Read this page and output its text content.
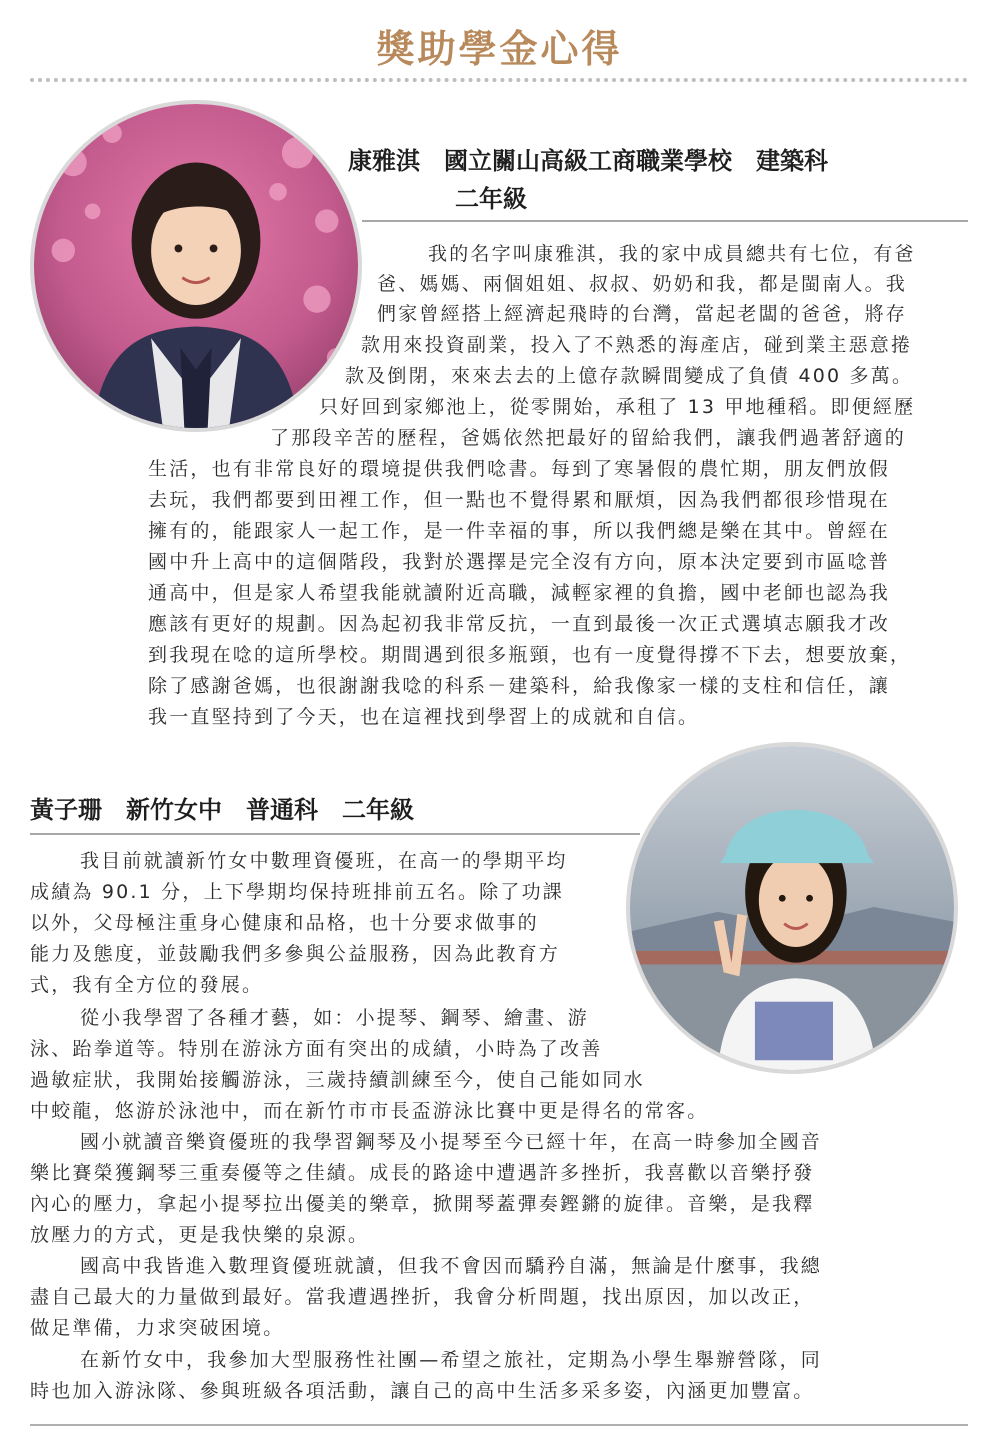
獎助學金心得
康雅淇　國立關山高級工商職業學校　建築科
二年級
我的名字叫康雅淇，我的家中成員總共有七位，有爸
爸、媽媽、兩個姐姐、叔叔、奶奶和我，都是閩南人。我
們家曾經搭上經濟起飛時的台灣，當起老闆的爸爸，將存
款用來投資副業，投入了不熟悉的海產店，碰到業主惡意捲
款及倒閉，來來去去的上億存款瞬間變成了負債 400 多萬。
只好回到家鄉池上，從零開始，承租了 13 甲地種稻。即便經歷
了那段辛苦的歷程，爸媽依然把最好的留給我們，讓我們過著舒適的
生活，也有非常良好的環境提供我們唸書。每到了寒暑假的農忙期，朋友們放假
去玩，我們都要到田裡工作，但一點也不覺得累和厭煩，因為我們都很珍惜現在
擁有的，能跟家人一起工作，是一件幸福的事，所以我們總是樂在其中。曾經在
國中升上高中的這個階段，我對於選擇是完全沒有方向，原本決定要到市區唸普
通高中，但是家人希望我能就讀附近高職，減輕家裡的負擔，國中老師也認為我
應該有更好的規劃。因為起初我非常反抗，一直到最後一次正式選填志願我才改
到我現在唸的這所學校。期間遇到很多瓶頸，也有一度覺得撐不下去，想要放棄，
除了感謝爸媽，也很謝謝我唸的科系－建築科，給我像家一樣的支柱和信任，讓
我一直堅持到了今天，也在這裡找到學習上的成就和自信。
黃子珊　新竹女中　普通科　二年級
我目前就讀新竹女中數理資優班，在高一的學期平均
成績為 90.1 分，上下學期均保持班排前五名。除了功課
以外，父母極注重身心健康和品格，也十分要求做事的
能力及態度，並鼓勵我們多參與公益服務，因為此教育方
式，我有全方位的發展。
從小我學習了各種才藝，如：小提琴、鋼琴、繪畫、游
泳、跆拳道等。特別在游泳方面有突出的成績，小時為了改善
過敏症狀，我開始接觸游泳，三歲持續訓練至今，使自己能如同水
中蛟龍，悠游於泳池中，而在新竹市市長盃游泳比賽中更是得名的常客。
國小就讀音樂資優班的我學習鋼琴及小提琴至今已經十年，在高一時參加全國音
樂比賽榮獲鋼琴三重奏優等之佳績。成長的路途中遭遇許多挫折，我喜歡以音樂抒發
內心的壓力，拿起小提琴拉出優美的樂章，掀開琴蓋彈奏鏗鏘的旋律。音樂，是我釋
放壓力的方式，更是我快樂的泉源。
國高中我皆進入數理資優班就讀，但我不會因而驕矜自滿，無論是什麼事，我總
盡自己最大的力量做到最好。當我遭遇挫折，我會分析問題，找出原因，加以改正，
做足準備，力求突破困境。
在新竹女中，我參加大型服務性社團—希望之旅社，定期為小學生舉辦營隊，同
時也加入游泳隊、參與班級各項活動，讓自己的高中生活多采多姿，內涵更加豐富。
